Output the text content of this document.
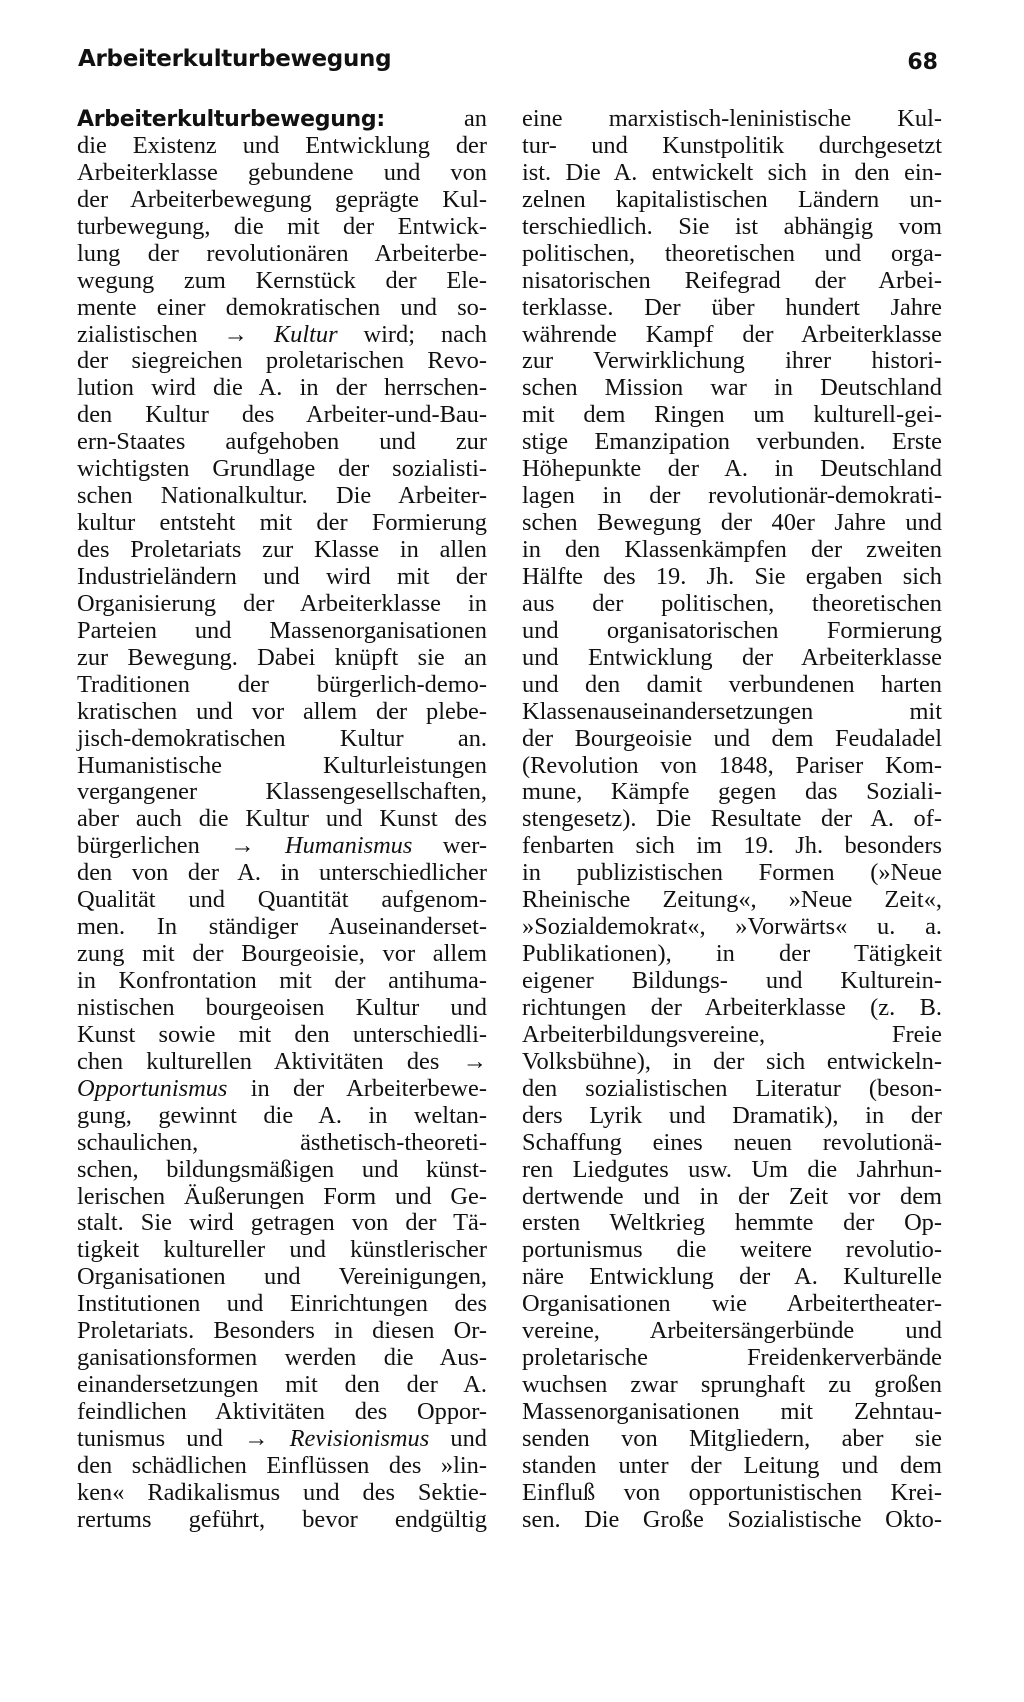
Arbeiterkulturbewegung	68
Arbeiterkulturbewegung:	an
die Existenz und Entwicklung der
Arbeiterklasse gebundene und von
der Arbeiterbewegung geprägte Kul-
turbewegung, die mit der Entwick-
lung der revolutionären Arbeiterbe-
wegung zum Kernstück der Ele-
mente einer demokratischen und so-
zialistischen → Kultur wird; nach
der siegreichen proletarischen Revo-
lution wird die A. in der herrschen-
den Kultur des Arbeiter-und-Bau-
ern-Staates aufgehoben und zur
wichtigsten Grundlage der sozialisti-
schen Nationalkultur. Die Arbeiter-
kultur entsteht mit der Formierung
des Proletariats zur Klasse in allen
Industrieländern und wird mit der
Organisierung der Arbeiterklasse in
Parteien und Massenorganisationen
zur Bewegung. Dabei knüpft sie an
Traditionen der bürgerlich-demo-
kratischen und vor allem der plebe-
jisch-demokratischen Kultur an.
Humanistische Kulturleistungen
vergangener Klassengesellschaften,
aber auch die Kultur und Kunst des
bürgerlichen → Humanismus wer-
den von der A. in unterschiedlicher
Qualität und Quantität aufgenom-
men. In ständiger Auseinanderset-
zung mit der Bourgeoisie, vor allem
in Konfrontation mit der antihuma-
nistischen bourgeoisen Kultur und
Kunst sowie mit den unterschiedli-
chen kulturellen Aktivitäten des →
Opportunismus in der Arbeiterbewe-
gung, gewinnt die A. in weltan-
schaulichen, ästhetisch-theoreti-
schen, bildungsmäßigen und künst-
lerischen Äußerungen Form und Ge-
stalt. Sie wird getragen von der Tä-
tigkeit kultureller und künstlerischer
Organisationen und Vereinigungen,
Institutionen und Einrichtungen des
Proletariats. Besonders in diesen Or-
ganisationsformen werden die Aus-
einandersetzungen mit den der A.
feindlichen Aktivitäten des Oppor-
tunismus und → Revisionismus und
den schädlichen Einflüssen des »lin-
ken« Radikalismus und des Sektie-
rertums geführt, bevor endgültig
eine marxistisch-leninistische Kul-
tur- und Kunstpolitik durchgesetzt
ist. Die A. entwickelt sich in den ein-
zelnen kapitalistischen Ländern un-
terschiedlich. Sie ist abhängig vom
politischen, theoretischen und orga-
nisatorischen Reifegrad der Arbei-
terklasse. Der über hundert Jahre
währende Kampf der Arbeiterklasse
zur Verwirklichung ihrer histori-
schen Mission war in Deutschland
mit dem Ringen um kulturell-gei-
stige Emanzipation verbunden. Erste
Höhepunkte der A. in Deutschland
lagen in der revolutionär-demokrati-
schen Bewegung der 40er Jahre und
in den Klassenkämpfen der zweiten
Hälfte des 19. Jh. Sie ergaben sich
aus der politischen, theoretischen
und organisatorischen Formierung
und Entwicklung der Arbeiterklasse
und den damit verbundenen harten
Klassenauseinandersetzungen mit
der Bourgeoisie und dem Feudaladel
(Revolution von 1848, Pariser Kom-
mune, Kämpfe gegen das Soziali-
stengesetz). Die Resultate der A. of-
fenbarten sich im 19. Jh. besonders
in publizistischen Formen (»Neue
Rheinische Zeitung«, »Neue Zeit«,
»Sozialdemokrat«, »Vorwärts« u. a.
Publikationen), in der Tätigkeit
eigener Bildungs- und Kulturein-
richtungen der Arbeiterklasse (z. B.
Arbeiterbildungsvereine, Freie
Volksbühne), in der sich entwickeln-
den sozialistischen Literatur (beson-
ders Lyrik und Dramatik), in der
Schaffung eines neuen revolutionä-
ren Liedgutes usw. Um die Jahrhun-
dertwende und in der Zeit vor dem
ersten Weltkrieg hemmte der Op-
portunismus die weitere revolutio-
näre Entwicklung der A. Kulturelle
Organisationen wie Arbeitertheater-
vereine, Arbeitersängerbünde und
proletarische Freidenkerverbände
wuchsen zwar sprunghaft zu großen
Massenorganisationen mit Zehntau-
senden von Mitgliedern, aber sie
standen unter der Leitung und dem
Einfluß von opportunistischen Krei-
sen. Die Große Sozialistische Okto-
